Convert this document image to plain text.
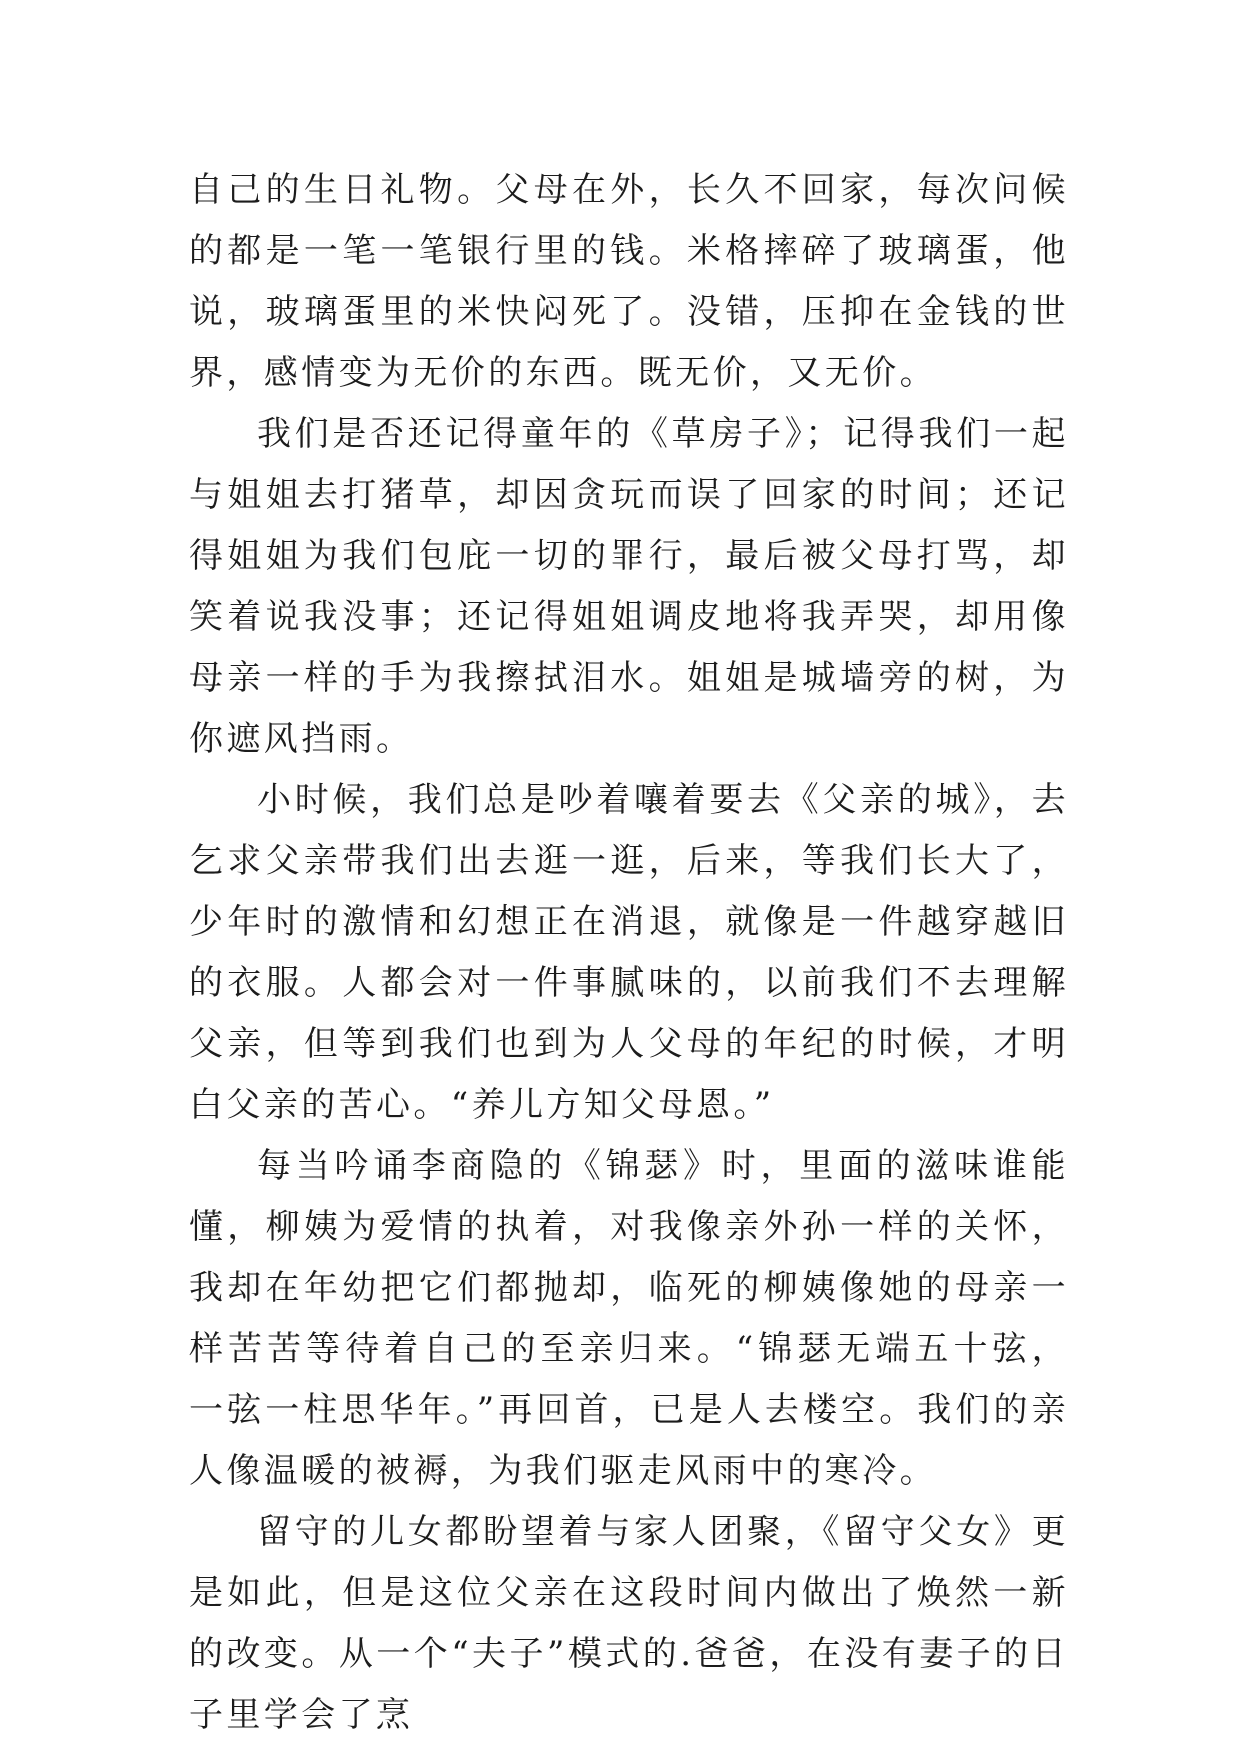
自己的生日礼物。父母在外，长久不回家，每次问候的都是一笔一笔银行里的钱。米格摔碎了玻璃蛋，他说，玻璃蛋里的米快闷死了。没错，压抑在金钱的世界，感情变为无价的东西。既无价，又无价。

我们是否还记得童年的《草房子》；记得我们一起与姐姐去打猪草，却因贪玩而误了回家的时间；还记得姐姐为我们包庇一切的罪行，最后被父母打骂，却笑着说我没事；还记得姐姐调皮地将我弄哭，却用像母亲一样的手为我擦拭泪水。姐姐是城墙旁的树，为你遮风挡雨。

小时候，我们总是吵着嚷着要去《父亲的城》，去乞求父亲带我们出去逛一逛，后来，等我们长大了，少年时的激情和幻想正在消退，就像是一件越穿越旧的衣服。人都会对一件事腻味的，以前我们不去理解父亲，但等到我们也到为人父母的年纪的时候，才明白父亲的苦心。“养儿方知父母恩。”

每当吟诵李商隐的《锦瑟》时，里面的滋味谁能懂，柳姨为爱情的执着，对我像亲外孙一样的关怀，我却在年幼把它们都抛却，临死的柳姨像她的母亲一样苦苦等待着自己的至亲归来。“锦瑟无端五十弦，一弦一柱思华年。”再回首，已是人去楼空。我们的亲人像温暖的被褥，为我们驱走风雨中的寒冷。

留守的儿女都盼望着与家人团聚，《留守父女》更是如此，但是这位父亲在这段时间内做出了焕然一新的改变。从一个“夫子”模式的.爸爸，在没有妻子的日子里学会了烹
